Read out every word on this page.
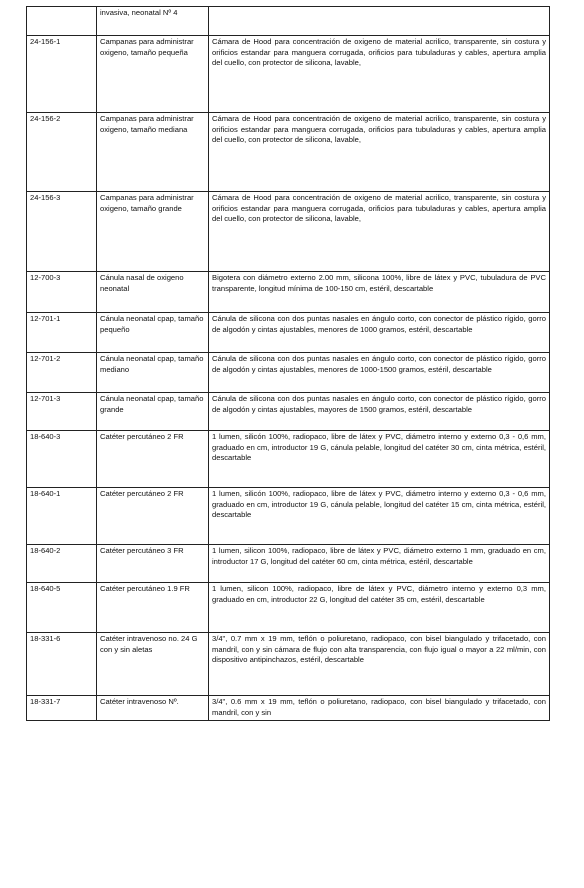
	invasiva, neonatal Nº 4	
24-156-1	Campanas para administrar oxigeno, tamaño pequeña	Cámara de Hood para concentración de oxigeno de material acrilico, transparente, sin costura y orificios estandar para manguera corrugada, orificios para tubuladuras y cables, apertura amplia del cuello, con protector de silicona, lavable,
24-156-2	Campanas para administrar oxigeno, tamaño mediana	Cámara de Hood para concentración de oxigeno de material acrilico, transparente, sin costura y orificios estandar para manguera corrugada, orificios para tubuladuras y cables, apertura amplia del cuello, con protector de silicona, lavable,
24-156-3	Campanas para administrar oxigeno, tamaño grande	Cámara de Hood para concentración de oxigeno de material acrilico, transparente, sin costura y orificios estandar para manguera corrugada, orificios para tubuladuras y cables, apertura amplia del cuello, con protector de silicona, lavable,
12-700-3	Cánula nasal de oxigeno neonatal	Bigotera con diámetro externo 2.00 mm, silicona 100%, libre de látex y PVC, tubuladura de PVC transparente, longitud mínima de 100-150 cm, estéril, descartable
12-701-1	Cánula neonatal cpap, tamaño pequeño	Cánula de silicona con dos puntas nasales en ángulo corto, con conector de plástico rígido, gorro de algodón y cintas ajustables, menores de 1000 gramos, estéril, descartable
12-701-2	Cánula neonatal cpap, tamaño mediano	Cánula de silicona con dos puntas nasales en ángulo corto, con conector de plástico rígido, gorro de algodón y cintas ajustables, menores de 1000-1500 gramos, estéril, descartable
12-701-3	Cánula neonatal cpap, tamaño grande	Cánula de silicona con dos puntas nasales en ángulo corto, con conector de plástico rígido, gorro de algodón y cintas ajustables, mayores de 1500 gramos, estéril, descartable
18-640-3	Catéter percutáneo 2 FR	1 lumen, silicón 100%, radiopaco, libre de látex y PVC, diámetro interno y externo 0,3 - 0,6 mm, graduado en cm, introductor 19 G, cánula pelable, longitud del catéter 30 cm, cinta métrica, estéril, descartable
18-640-1	Catéter percutáneo 2 FR	1 lumen, silicón 100%, radiopaco, libre de látex y PVC, diámetro interno y externo 0,3 - 0,6 mm, graduado en cm, introductor 19 G, cánula pelable, longitud del catéter 15 cm, cinta métrica, estéril, descartable
18-640-2	Catéter percutáneo 3 FR	1 lumen, silicon 100%, radiopaco, libre de látex y PVC, diámetro externo 1 mm, graduado en cm, introductor 17 G, longitud del catéter 60 cm, cinta métrica, estéril, descartable
18-640-5	Catéter percutáneo 1.9 FR	1 lumen, silicon 100%, radiopaco, libre de látex y PVC, diámetro interno y externo 0,3 mm, graduado en cm, introductor 22 G, longitud del catéter 35 cm, estéril, descartable
18-331-6	Catéter intravenoso no. 24 G con y sin aletas	3/4", 0.7 mm x 19 mm, teflón o poliuretano, radiopaco, con bisel biangulado y trifacetado, con mandril, con y sin cámara de flujo con alta transparencia, con flujo igual o mayor a 22 ml/min, con dispositivo antipinchazos, estéril, descartable
18-331-7	Catéter intravenoso Nº.	3/4", 0.6 mm x 19 mm, teflón o poliuretano, radiopaco, con bisel biangulado y trifacetado, con mandril, con y sin
